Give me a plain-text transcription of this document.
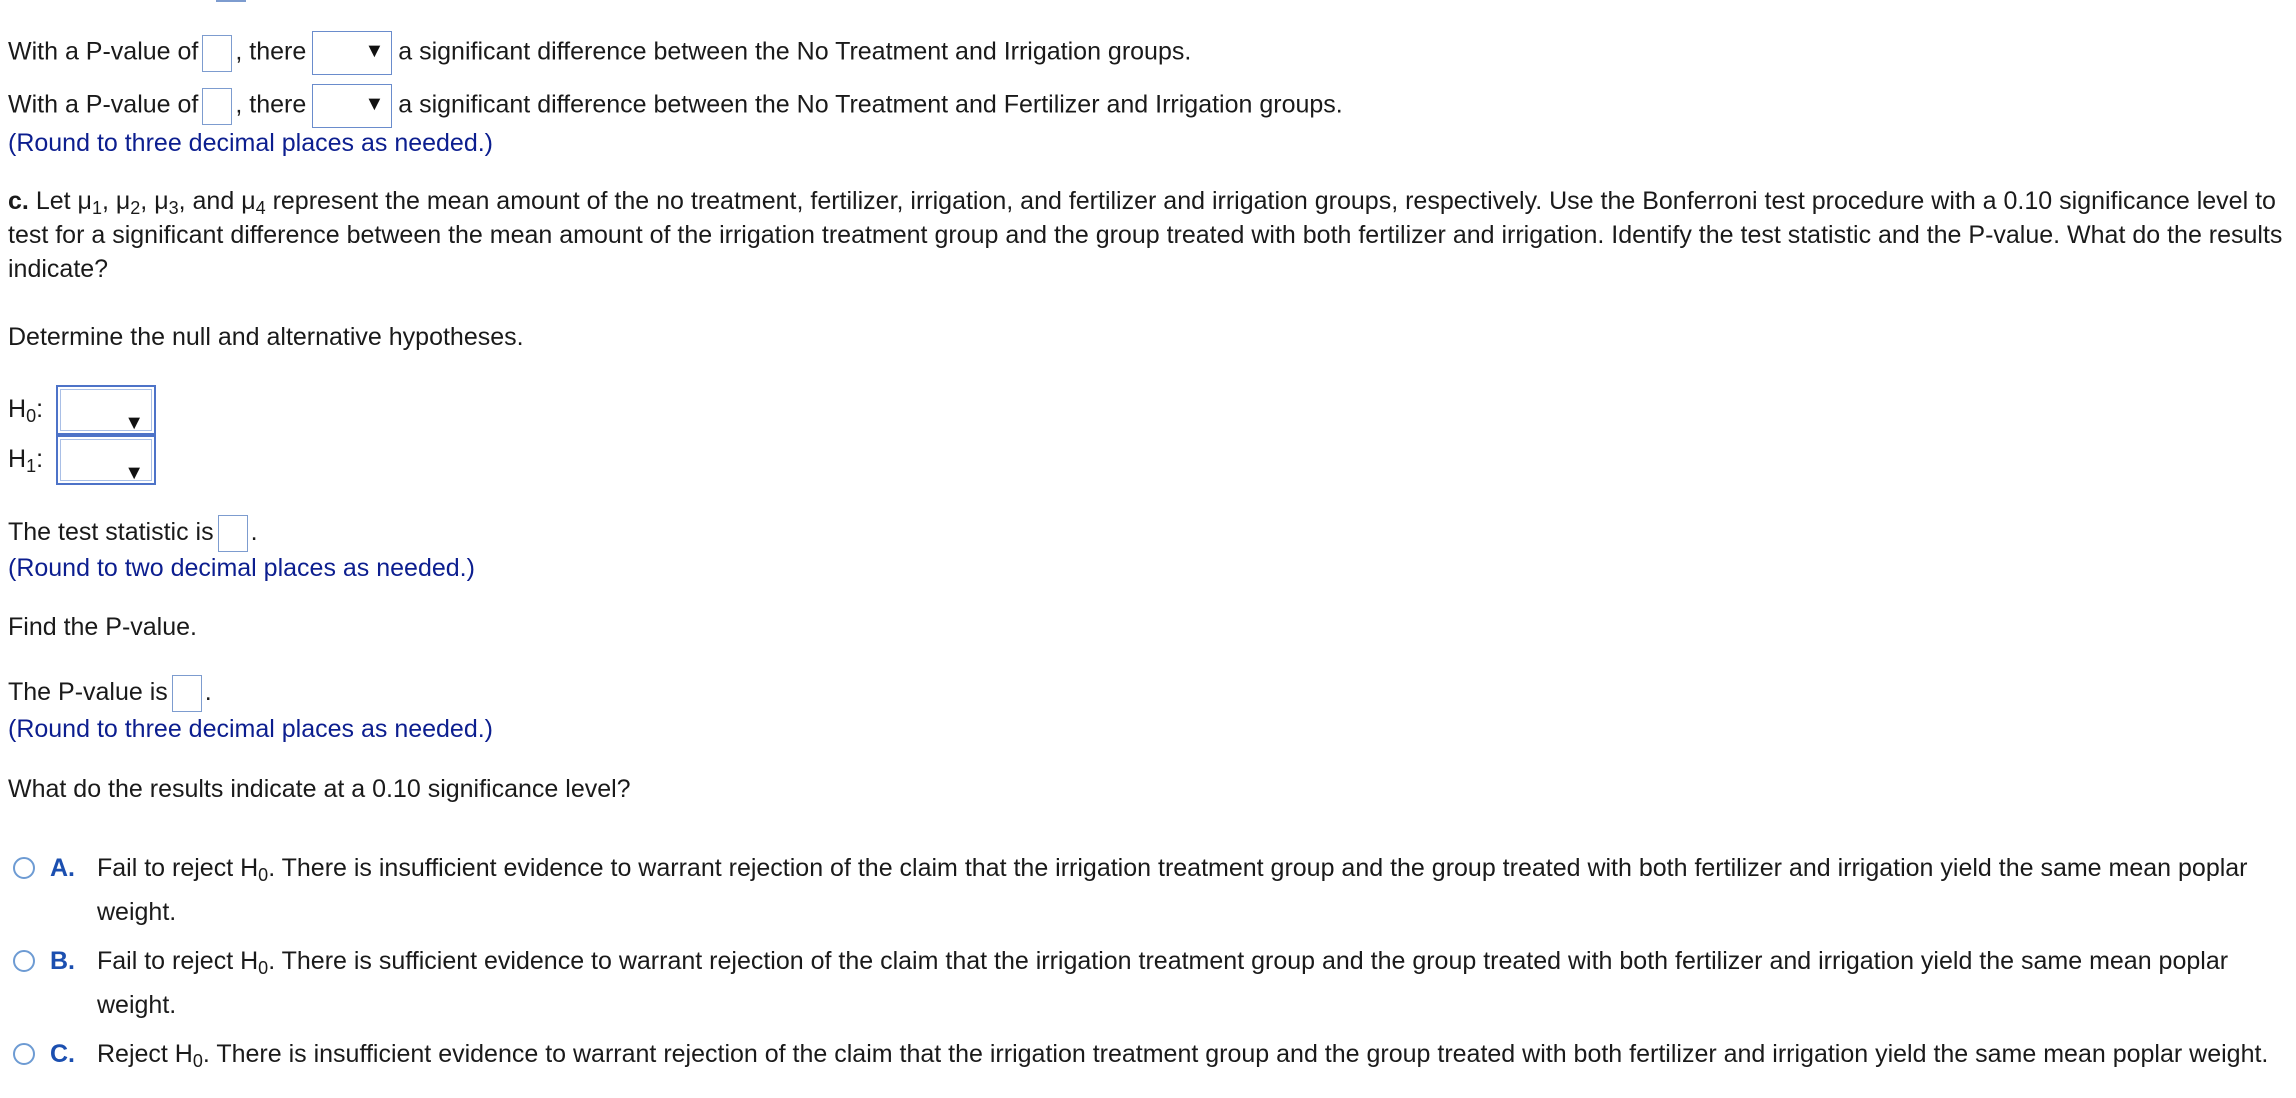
With a P-value of , there	▼ a significant difference between the No Treatment and Irrigation groups.
With a P-value of , there	▼ a significant difference between the No Treatment and Fertilizer and Irrigation groups.
(Round to three decimal places as needed.)
c. Let $\mu_1$, $\mu_2$, $\mu_3$, and $\mu_4$ represent the mean amount of the no treatment, fertilizer, irrigation, and fertilizer and irrigation groups, respectively. Use the Bonferroni test procedure with a 0.10 significance level to test for a significant difference between the mean amount of the irrigation treatment group and the group treated with both fertilizer and irrigation. Identify the test statistic and the P-value. What do the results indicate?
Determine the null and alternative hypotheses.
$H_0$:
▼
$H_1$:
▼
The test statistic is .
(Round to two decimal places as needed.)
Find the P-value.
The P-value is .
(Round to three decimal places as needed.)
What do the results indicate at a 0.10 significance level?
A. Fail to reject $H_0$. There is insufficient evidence to warrant rejection of the claim that the irrigation treatment group and the group treated with both fertilizer and irrigation yield the same mean poplar weight.
B. Fail to reject $H_0$. There is sufficient evidence to warrant rejection of the claim that the irrigation treatment group and the group treated with both fertilizer and irrigation yield the same mean poplar weight.
C. Reject $H_0$. There is insufficient evidence to warrant rejection of the claim that the irrigation treatment group and the group treated with both fertilizer and irrigation yield the same mean poplar weight.
